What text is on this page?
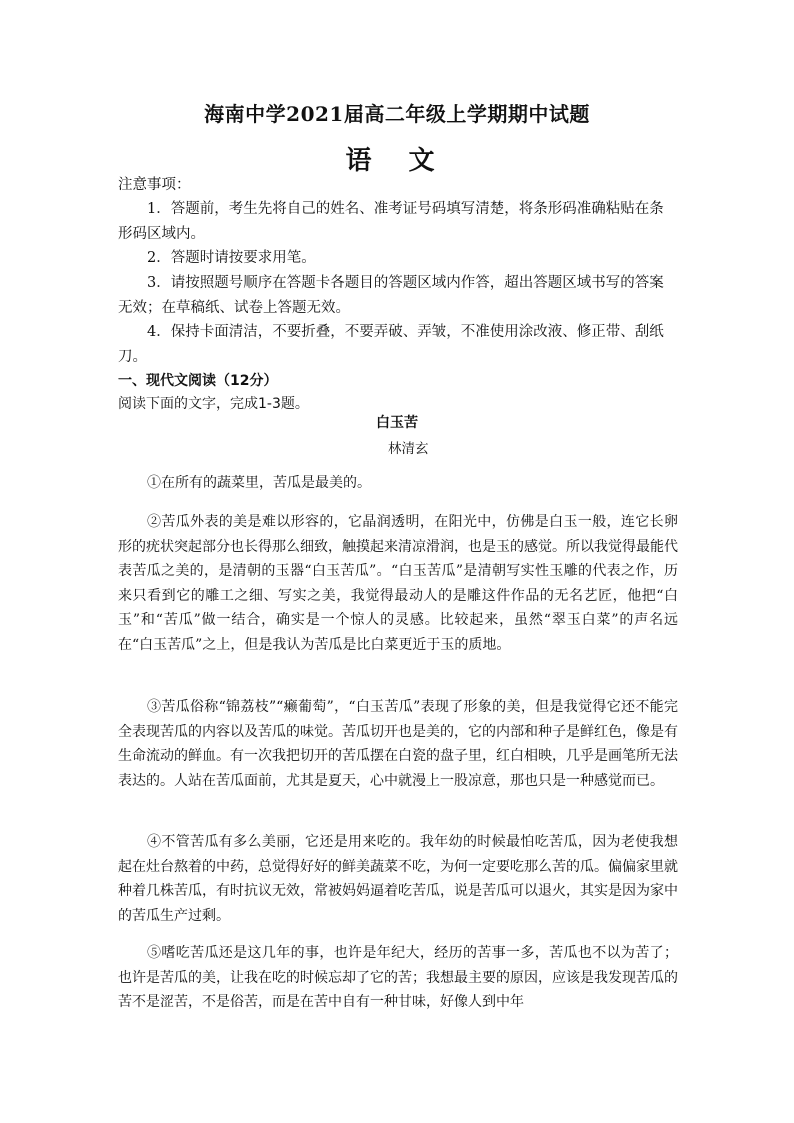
海南中学2021届高二年级上学期期中试题
语 文
注意事项：
1．答题前，考生先将自己的姓名、准考证号码填写清楚，将条形码准确粘贴在条形码区域内。
2．答题时请按要求用笔。
3．请按照题号顺序在答题卡各题目的答题区域内作答，超出答题区域书写的答案无效；在草稿纸、试卷上答题无效。
4．保持卡面清洁，不要折叠，不要弄破、弄皱，不准使用涂改液、修正带、刮纸刀。
一、现代文阅读（12分）
阅读下面的文字，完成1-3题。
白玉苦
林清玄
①在所有的蔬菜里，苦瓜是最美的。
②苦瓜外表的美是难以形容的，它晶润透明，在阳光中，仿佛是白玉一般，连它长卵形的疣状突起部分也长得那么细致，触摸起来清凉滑润，也是玉的感觉。所以我觉得最能代表苦瓜之美的，是清朝的玉器“白玉苦瓜”。“白玉苦瓜”是清朝写实性玉雕的代表之作，历来只看到它的雕工之细、写实之美，我觉得最动人的是雕这件作品的无名艺匠，他把“白玉”和“苦瓜”做一结合，确实是一个惊人的灵感。比较起来，虽然“翠玉白菜”的声名远在“白玉苦瓜”之上，但是我认为苦瓜是比白菜更近于玉的质地。
③苦瓜俗称“锦荔枝”“癞葡萄”，“白玉苦瓜”表现了形象的美，但是我觉得它还不能完全表现苦瓜的内容以及苦瓜的味觉。苦瓜切开也是美的，它的内部和种子是鲜红色，像是有生命流动的鲜血。有一次我把切开的苦瓜摆在白瓷的盘子里，红白相映，几乎是画笔所无法表达的。人站在苦瓜面前，尤其是夏天，心中就漫上一股凉意，那也只是一种感觉而已。
④不管苦瓜有多么美丽，它还是用来吃的。我年幼的时候最怕吃苦瓜，因为老使我想起在灶台熬着的中药，总觉得好好的鲜美蔬菜不吃，为何一定要吃那么苦的瓜。偏偏家里就种着几株苦瓜，有时抗议无效，常被妈妈逼着吃苦瓜，说是苦瓜可以退火，其实是因为家中的苦瓜生产过剩。
⑤嗜吃苦瓜还是这几年的事，也许是年纪大，经历的苦事一多，苦瓜也不以为苦了；也许是苦瓜的美，让我在吃的时候忘却了它的苦；我想最主要的原因，应该是我发现苦瓜的苦不是涩苦，不是俗苦，而是在苦中自有一种甘味，好像人到中年
